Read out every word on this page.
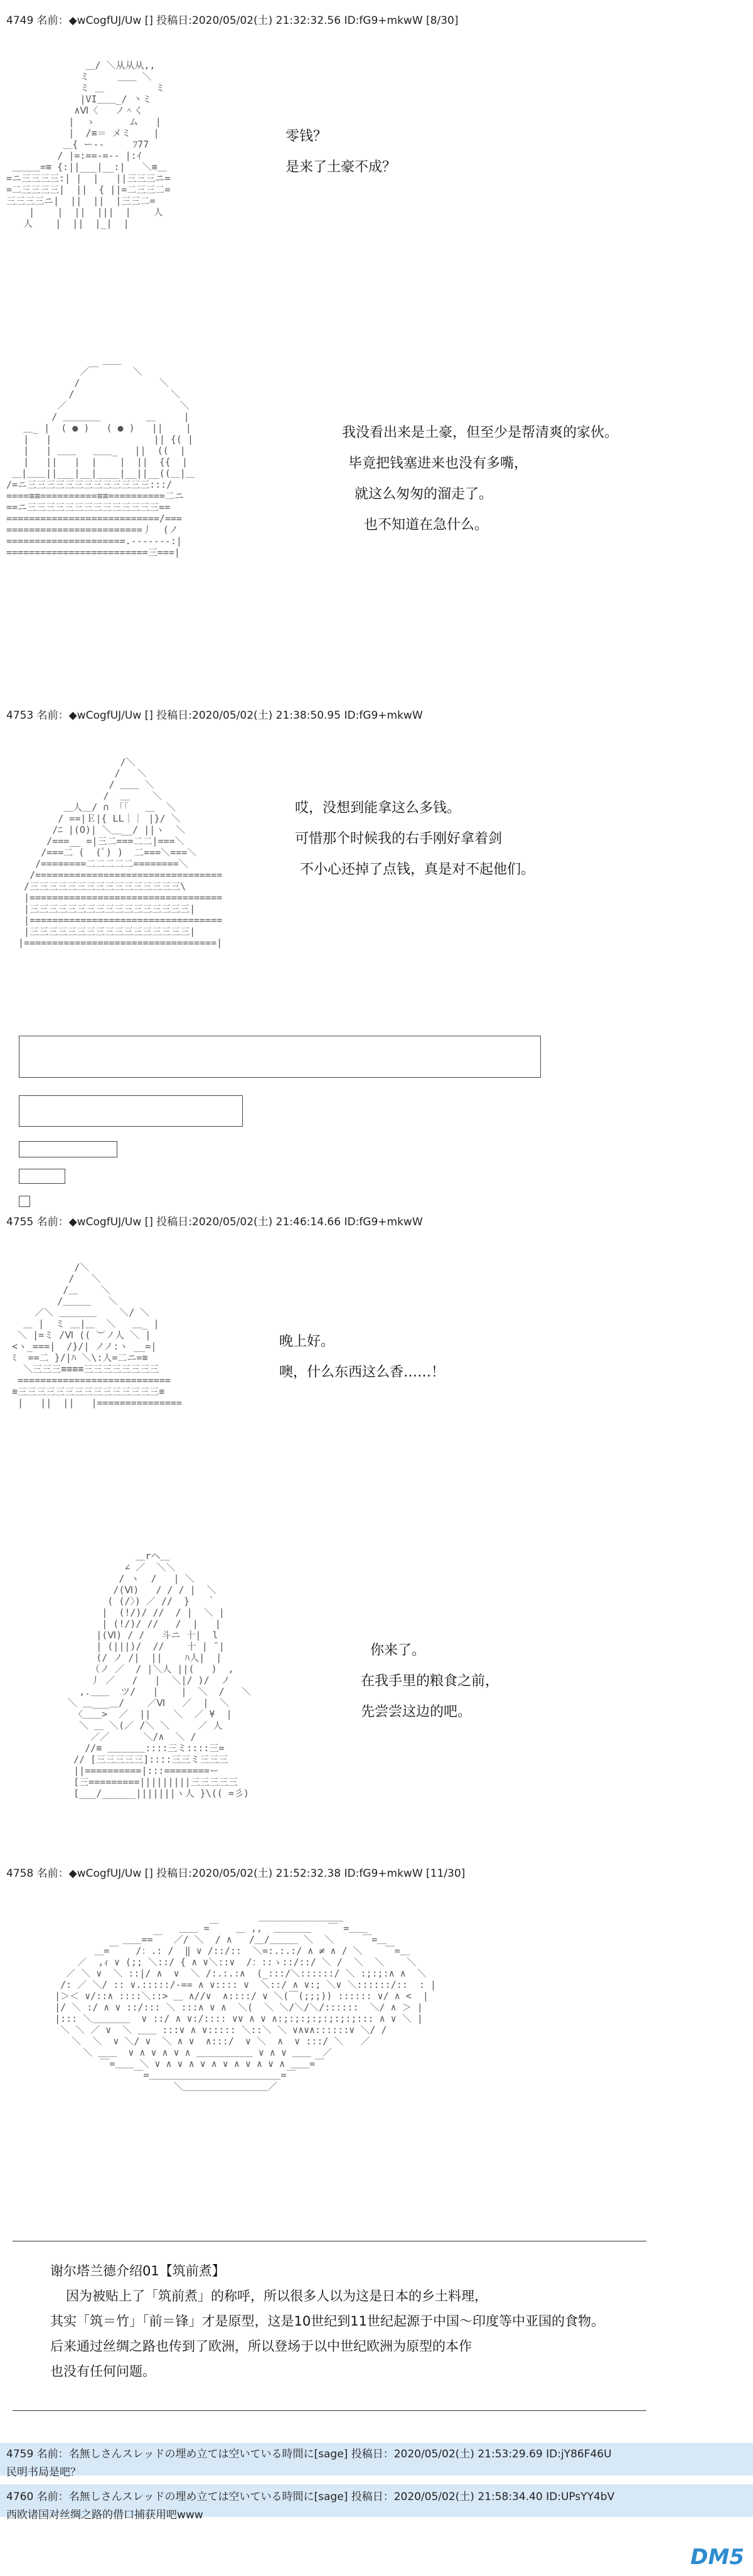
4749 名前：◆wCogfUJ/Uw [] 投稿日:2020/05/02(土) 21:32:32.56 ID:fG9+mkwW [8/30]
＿/ ＼从从从,,
ミ     ＿＿ ＼
ミ ＿         ミ
|VI＿＿_/ 丶ミ
∧Ⅵ〈   ノ＾く
|  ゝ      ム   |
|  /≡＝ メミ    |
＿{ ー-‐     ﾌ77
/ |=:==-=-- |:ｲ
＿＿＿=≡ {:||___|__:|   ＼≡＿
=ニ三三三三:| |  |   ||三三三ニ=
=二三三三三|  ||  { ||=二三三二=
三三三三ニ|  ||  ||  |三三二=
|    |  ||  |||  |    人
人    |  ||  |_|  |

零钱？
是来了土豪不成？
＿＿
／￣      ＼
/              ＼
/                 ＼
／                    ＼
/ ＿＿＿＿        ＿     |
＿_ |  ( ● )   ( ● )   ||    |
|   |                  || {( |
|   | ＿＿   ＿＿_   ||  ((  |
|   ||   |  |    |  ||  {{  |
＿|＿＿||___|__|____|__||__((＿|＿
/=ニ三三三三三三三三三三三三三:::/
====≡≡==========≡≡==========二ニ
==ニ三三三三三三三三三三三三三三==
===========================/===
========================丿  (ノ
=====================.-------:|
=========================三===|

我没看出来是土豪，但至少是帮清爽的家伙。
毕竟把钱塞进来也没有多嘴，
就这么匆匆的溜走了。
也不知道在急什么。
4753 名前：◆wCogfUJ/Uw [] 投稿日:2020/05/02(土) 21:38:50.95 ID:fG9+mkwW
/＼
/   ＼
/ ＿＿ ＼
/  ＿    ＼
＿人＿/ ∩ 「「   ＿  ＼
/ ==|Ｅ|{ LL｜｜ |}/ ＼
/ﾆ |(O)| ＼＿__/ ||ヽ  ＼
/===__ =|三二===二二|===＼
/===二 (  (ﾟ) )  二===＼===＼
/========二二二二二========＼
/=================================
/三三三三三三三三三三三三三三三三\
|==================================
|三三三三三三三三三三三三三三三三三|
|==================================
|三三三三三三三三三三三三三三三三三|
|==================================|

哎，没想到能拿这么多钱。
可惜那个时候我的右手刚好拿着剑
不小心还掉了点钱，真是对不起他们。
4755 名前：◆wCogfUJ/Uw [] 投稿日:2020/05/02(土) 21:46:14.66 ID:fG9+mkwW
/＼
/   ＼
/＿    ＼
/＿＿＿   ＼
／＼ ＿＿＿＿    ＼/ ＼
＿ |  ミ ＿|＿  ＼   ＿_ |
＼ |=ミ /Ⅵ (( ︶ノ人 ＼ |
<ヽ_===|  /}/| ノノ:ヽ __=|
ﾐ  ==二 }/|ﾊ ＼\:人=二ニ=≡
＼三三三≡≡≡≡三三三三三三三三
===========================
≡三三三三三三三三三三三三三三三≡
|   ||  ||   |===============

晚上好。
噢，什么东西这么香……！
＿rヘ＿
∠ ／  ＼＼
/ ヽ  /   | ＼
/(Ⅵ)   / / / |  ＼
( (/〉) ／ //  }   ｀
|  (!/)/ //  / |  ＼ |
| (!/)/ //   /  |   |
|(Ⅵ) / /   斗ニ 十|  l
| (|||)/  //    十 | ̄ |
(/ ノ /|  ||    ﾊ人|  |
（ノ ／  / |＼人 ||(   )  ,
丿 ／   /   |  ＼|/ )/  ノ
,.＿＿  ツ/   |    |  ＼  /   ＼
＼ ＿___＿/    ／Ⅵ   ／  |  ＼
〈＿＿>  ／  ||    ＼  ／ ¥  |
＼ ＿ ＼(／ /＼ ＼     ／ 人
／／      ＼/∧  ＼ /
//≡ ＿＿＿＿::::三ミ::::三=
// [三三三三三]::::三三ミ三三三
||==========|:::========ー
[三=========|||||||||三三三三三
[___/______|||||||ヽ人 }\(( =彡)

你来了。
在我手里的粮食之前，
先尝尝这边的吧。
4758 名前：◆wCogfUJ/Uw [] 投稿日:2020/05/02(土) 21:52:32.38 ID:fG9+mkwW [11/30]
＿＿＿＿＿＿＿＿＿
＿＿ =￣   ＿ ,,  ＿＿＿＿   ￣ =＿＿
＿＿==￣  ／/ ＼  / ∧   /＿/＿＿＿ ＼  ＼     ￣=＿
＿=￣   /：.: /  ‖ ∨ /::/::  ＼=:.:.:/ ∧ ≠ ∧ / ＼    ￣=＿
／  ,ｨ ∨ (;; ＼::/ { ∧ ∨＼::∨  /：::ゝ::/::/ ＼ /  ＼  ＼    ＼
／ ＼ ∨  ＼ ::|/ ∧  ∨  ＼ /:.:.:∧  (_:::/＼::::::/ ＼ :;:;:∧ ∧  ＼
/: ／ ＼/ :: ∨.:::::/-== ∧ ∨:::: ∨  ＼::/ ∧ ∨:; ＼∨ ＼::::::/::  : |
|＞＜ ∨/::∧ ::::＼::> ＿ ∧//∨  ∧::::/ ∨ ＼(￣(;;;)) :::::: ∨/ ∧ <  |
|/ ＼ :/ ∧ ∨ ::/::: ＼ :::∧ ∨ ∧  ＼(  ＼ ＼/＼/＼/::::::  ＼/ ∧ ＞ |
|::: ＼＿＿＿＿  ∨ ::/ ∧ ∨:/:::: ∨∨ ∧ ∨ ∧:;:;:;:;:;:;:;::: ∧ ∨ ＼ |
＼ ＼ ／ ∨  ＼ ＿＿ :::∨ ∧ ∨::::: ＼::＼ ＼ ∨∧∨∧::::::∨ ＼/ /
＼  ＼  ∨ ＼/ ∨  ＼ ∧ ∨  ∧:::/  ∨ ＼  ∧  ∨ :::/ ＼   ／
＼ ＿＿  ∨ ∧ ∨ ∧ ∨ ∧ ＿＿＿＿＿＿ ∨ ∧ ∨ ＿＿  ／
￣=＿＿ ＼ ∨ ∧ ∨ ∧ ∨ ∧ ∨ ∧ ∨ ∧ ∨ ∧ ＿＿=￣
￣=＿＿＿＿＿＿＿＿＿＿＿＿＿＿=￣
＼＿＿＿＿＿＿＿＿＿／

谢尔塔兰德介绍01【筑前煮】
因为被贴上了「筑前煮」的称呼，所以很多人以为这是日本的乡土料理，
其实「筑＝竹」「前＝锋」才是原型，这是10世纪到11世纪起源于中国～印度等中亚国的食物。
后来通过丝绸之路也传到了欧洲，所以登场于以中世纪欧洲为原型的本作
也没有任何问题。
4759 名前：名無しさんスレッドの埋め立ては空いている時間に[sage] 投稿日：2020/05/02(土) 21:53:29.69 ID:jY86F46U
民明书局是吧？
4760 名前：名無しさんスレッドの埋め立ては空いている時間に[sage] 投稿日：2020/05/02(土) 21:58:34.40 ID:UPsYY4bV
西欧诸国对丝绸之路的借口捕获用吧www
DM5
